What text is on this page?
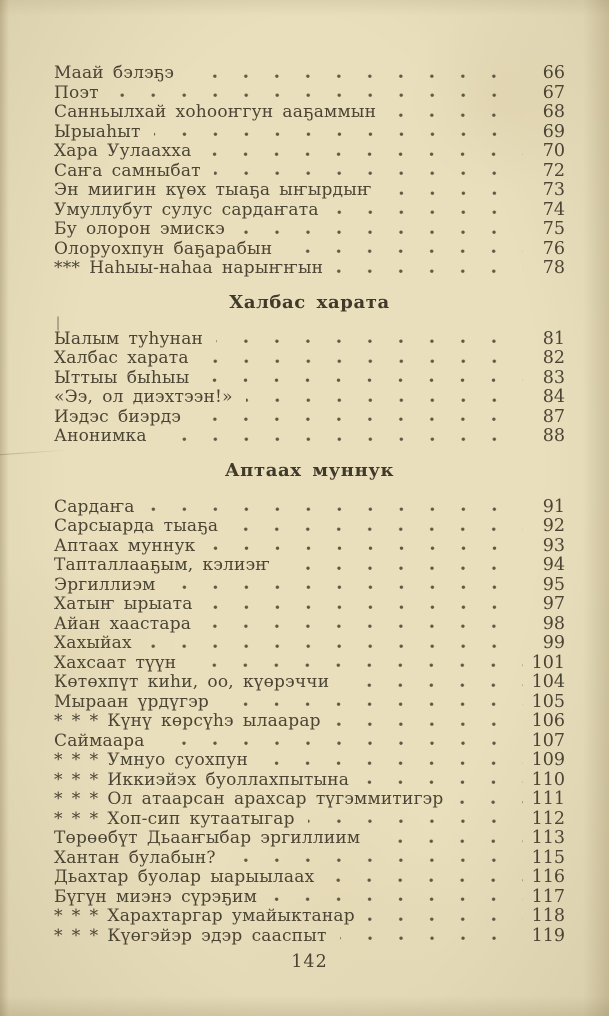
Маай бэлэҕэ	66
Поэт	67
Санньылхай хоһооҥгун ааҕаммын	68
Ырыаһыт	69
Хара Уулаахха	70
Саҥа самныбат	72
Эн миигин күөх тыаҕа ыҥырдыҥ	73
Умуллубут сулус сардаҥата	74
Бу олорон эмискэ	75
Олоруохпун баҕарабын	76
*** Наһыы-наһаа нарыҥҥын	78
Халбас харата
Ыалым туһунан	81
Халбас харата	82
Ыттыы быһыы	83
«Ээ, ол диэхтээн!»	84
Иэдэс биэрдэ	87
Анонимка	88
Аптаах муннук
Сардаҥа	91
Сарсыарда тыаҕа	92
Аптаах муннук	93
Тапталлааҕым, кэлиэҥ	94
Эргиллиэм	95
Хатыҥ ырыата	97
Айан хаастара	98
Хахыйах	99
Хахсаат түүн	101
Көтөхпүт киһи, оо, күөрэччи	104
Мыраан үрдүгэр	105
* * * Күнү көрсүһэ ылаарар	106
Саймаара	107
* * * Умнуо суохпун	109
* * * Иккиэйэх буоллахпытына	110
* * * Ол атаарсан арахсар түгэммитигэр	111
* * * Хоп-сип кутаатыгар	112
Төрөөбүт Дьааҥыбар эргиллиим	113
Хантан булабын?	115
Дьахтар буолар ыарыылаах	116
Бүгүн миэнэ сүрэҕим	117
* * * Харахтаргар умайыктанар	118
* * * Күөгэйэр эдэр сааспыт	119
142
|
